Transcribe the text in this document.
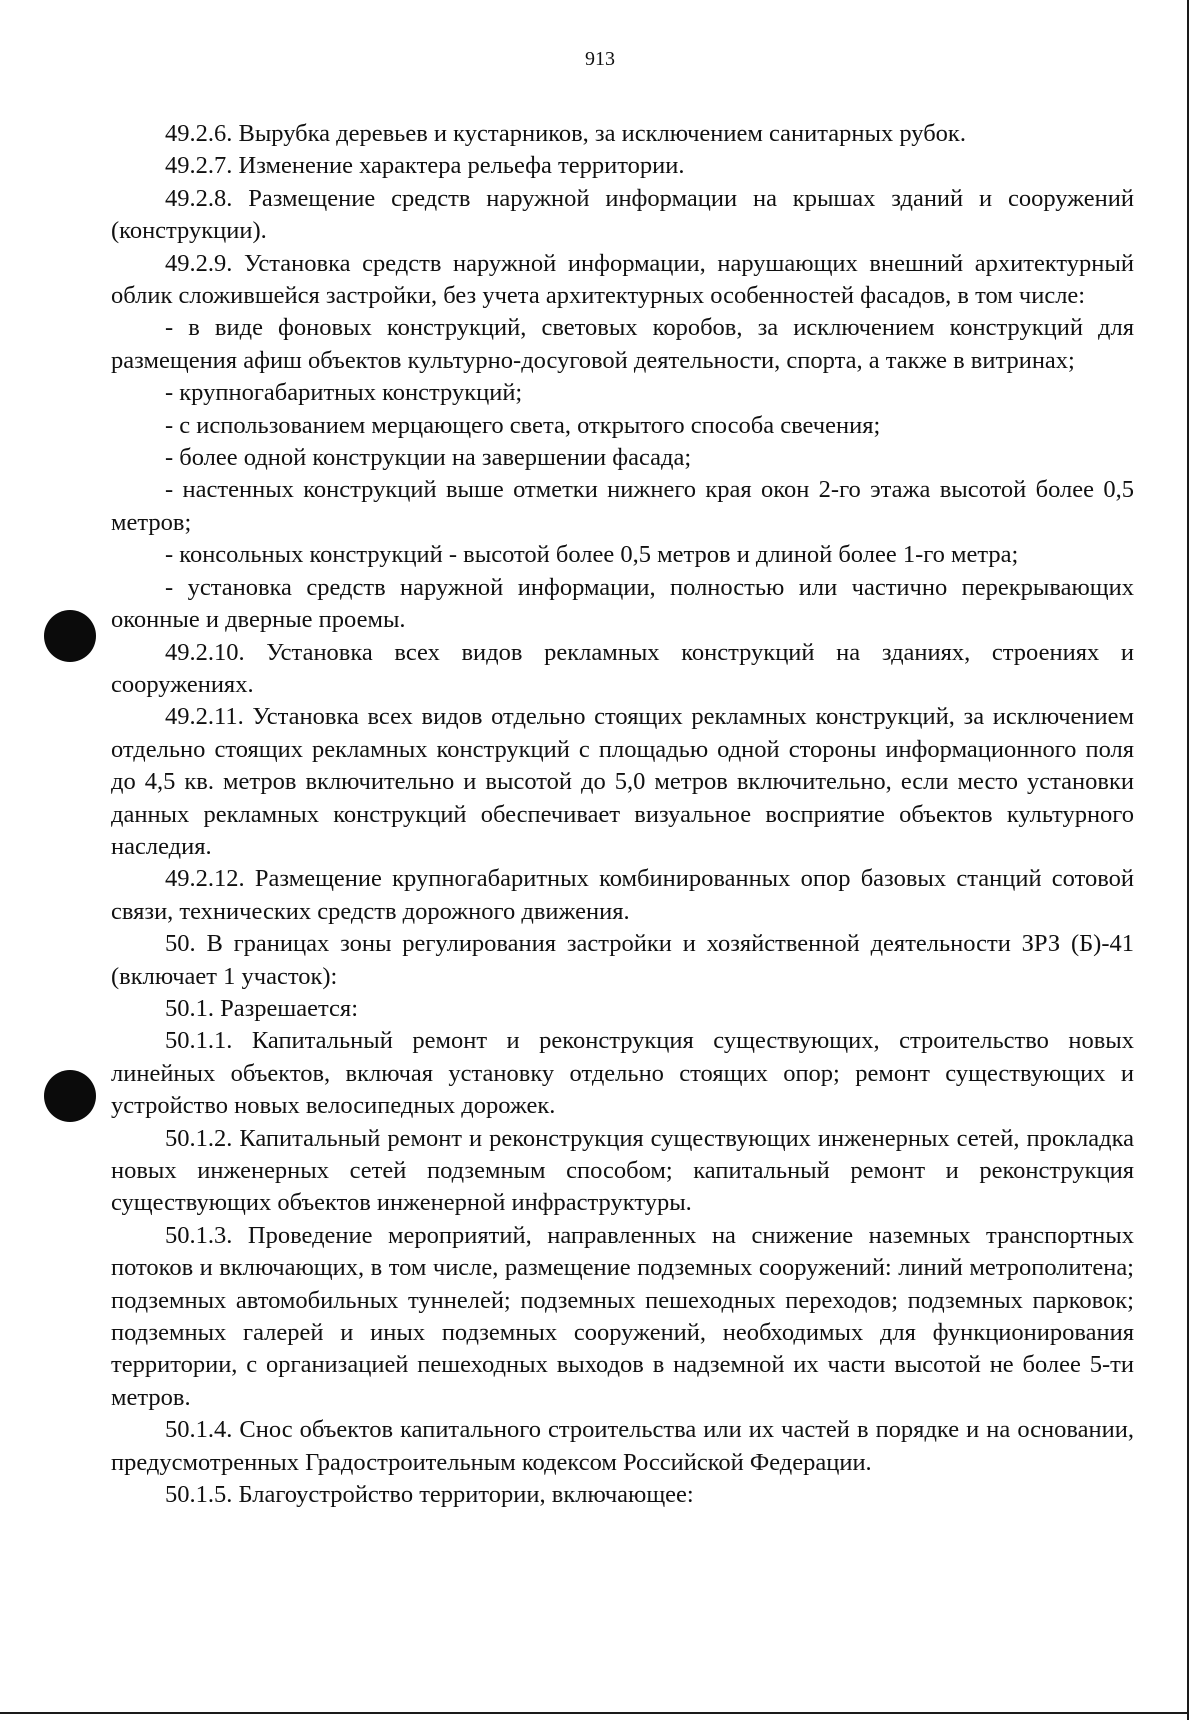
913

49.2.6. Вырубка деревьев и кустарников, за исключением санитарных рубок.

49.2.7. Изменение характера рельефа территории.

49.2.8. Размещение средств наружной информации на крышах зданий и сооружений (конструкции).

49.2.9. Установка средств наружной информации, нарушающих внешний архитектурный облик сложившейся застройки, без учета архитектурных особенностей фасадов, в том числе:

- в виде фоновых конструкций, световых коробов, за исключением конструкций для размещения афиш объектов культурно-досуговой деятельности, спорта, а также в витринах;

- крупногабаритных конструкций;

- с использованием мерцающего света, открытого способа свечения;

- более одной конструкции на завершении фасада;

- настенных конструкций выше отметки нижнего края окон 2-го этажа высотой более 0,5 метров;

- консольных конструкций - высотой более 0,5 метров и длиной более 1-го метра;

- установка средств наружной информации, полностью или частично перекрывающих оконные и дверные проемы.

49.2.10. Установка всех видов рекламных конструкций на зданиях, строениях и сооружениях.

49.2.11. Установка всех видов отдельно стоящих рекламных конструкций, за исключением отдельно стоящих рекламных конструкций с площадью одной стороны информационного поля до 4,5 кв. метров включительно и высотой до 5,0 метров включительно, если место установки данных рекламных конструкций обеспечивает визуальное восприятие объектов культурного наследия.

49.2.12. Размещение крупногабаритных комбинированных опор базовых станций сотовой связи, технических средств дорожного движения.

50. В границах зоны регулирования застройки и хозяйственной деятельности ЗРЗ (Б)-41 (включает 1 участок):

50.1. Разрешается:

50.1.1. Капитальный ремонт и реконструкция существующих, строительство новых линейных объектов, включая установку отдельно стоящих опор; ремонт существующих и устройство новых велосипедных дорожек.

50.1.2. Капитальный ремонт и реконструкция существующих инженерных сетей, прокладка новых инженерных сетей подземным способом; капитальный ремонт и реконструкция существующих объектов инженерной инфраструктуры.

50.1.3. Проведение мероприятий, направленных на снижение наземных транспортных потоков и включающих, в том числе, размещение подземных сооружений: линий метрополитена; подземных автомобильных туннелей; подземных пешеходных переходов; подземных парковок; подземных галерей и иных подземных сооружений, необходимых для функционирования территории, с организацией пешеходных выходов в надземной их части высотой не более 5-ти метров.

50.1.4. Снос объектов капитального строительства или их частей в порядке и на основании, предусмотренных Градостроительным кодексом Российской Федерации.

50.1.5. Благоустройство территории, включающее:
